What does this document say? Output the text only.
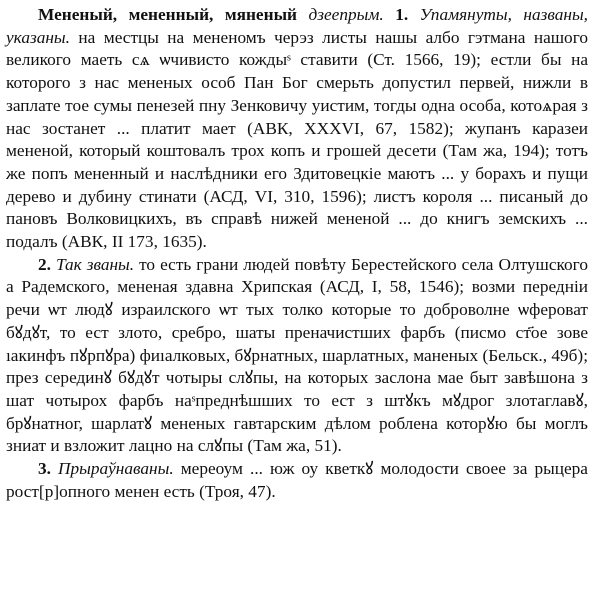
Мененый, мененный, мяненый дзеепрым. 1. Упамянуты, названы, указаны. на местцы на мененомъ черэз листы нашы албо гэтмана нашого великого маеть сѧ ѡчивисто кождыˢ ставити (Ст. 1566, 19); естли бы на которого з нас мененых особ Пан Бог смерьть допустил первей, нижли в заплате тое сумы пенезей пну Зенковичу уистим, тогды одна особа, котоѧрая з нас зостанет ... платит мает (АВК, XXXVI, 67, 1582); жупанъ каразеи мененой, который коштовалъ трох копъ и грошей десети (Там жа, 194); тотъ же попъ мененный и наслѣдники его Здитовецкіе маютъ ... у борахъ и пущи дерево и дубину стинати (АСД, VI, 310, 1596); листъ короля ... писаный до пановъ Волковицкихъ, въ справѣ нижей мененой ... до книгъ земскихъ ... подалъ (АВК, II 173, 1635).

2. Так званы. то есть грани людей повѣту Берестейского села Олтушского а Радемского, мененая здавна Хрипская (АСД, I, 58, 1546); возми передніи речи ѡт людꙋ израилского ѡт тых толко которые то доброволне ѡфероват бꙋдꙋт, то ест злото, сребро, шаты преначистших фарбъ (писмо ст҃ое зове ıакинфъ пꙋрпꙋра) фиıалковых, бꙋрнатных, шарлатных, маненых (Бельск., 49б); през серединꙋ бꙋдꙋт чотыры слꙋпы, на которых заслона мае быт завѣшона з шат чотырох фарбъ наˢпреднѣшших то ест з штꙋкъ мꙋдрог злотаглавꙋ, брꙋнатног, шарлатꙋ мененых гавтарским дѣлом роблена которꙋю бы моглъ зниат и взложит лацно на слꙋпы (Там жа, 51).

3. Прыраўнаваны. мереоум ... юж оу кветкꙋ молодости своее за рыцера рост[р]опного менен есть (Троя, 47).
